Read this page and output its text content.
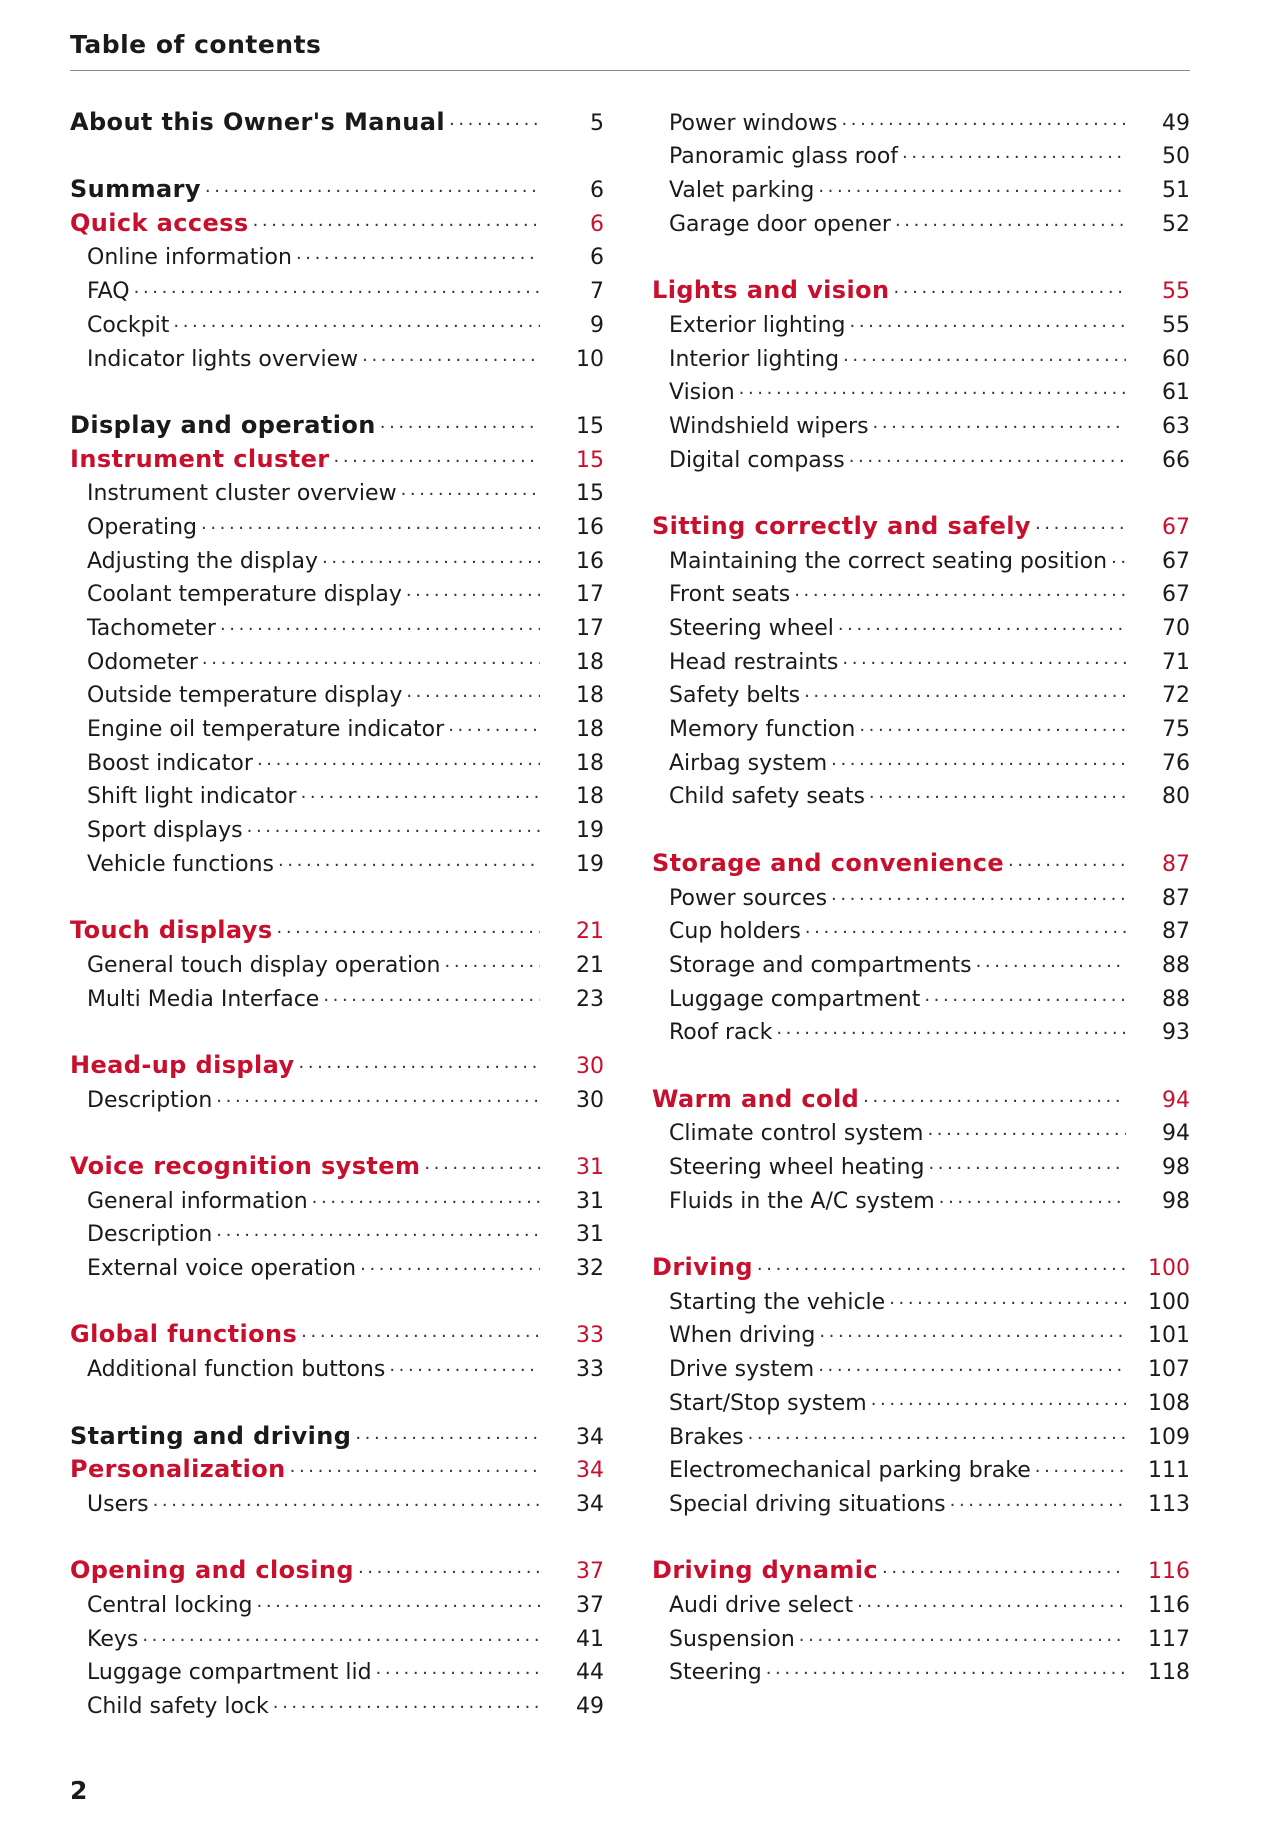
Table of contents
About this Owner's Manual .....	5
Summary .....	6
Quick access .....	6
Online information .....	6
FAQ .....	7
Cockpit .....	9
Indicator lights overview .....	10
Display and operation .....	15
Instrument cluster .....	15
Instrument cluster overview .....	15
Operating .....	16
Adjusting the display .....	16
Coolant temperature display .....	17
Tachometer .....	17
Odometer .....	18
Outside temperature display .....	18
Engine oil temperature indicator .....	18
Boost indicator .....	18
Shift light indicator .....	18
Sport displays .....	19
Vehicle functions .....	19
Touch displays .....	21
General touch display operation .....	21
Multi Media Interface .....	23
Head-up display .....	30
Description .....	30
Voice recognition system .....	31
General information .....	31
Description .....	31
External voice operation .....	32
Global functions .....	33
Additional function buttons .....	33
Starting and driving .....	34
Personalization .....	34
Users .....	34
Opening and closing .....	37
Central locking .....	37
Keys .....	41
Luggage compartment lid .....	44
Child safety lock .....	49
Power windows .....	49
Panoramic glass roof .....	50
Valet parking .....	51
Garage door opener .....	52
Lights and vision .....	55
Exterior lighting .....	55
Interior lighting .....	60
Vision .....	61
Windshield wipers .....	63
Digital compass .....	66
Sitting correctly and safely .....	67
Maintaining the correct seating position .....	67
Front seats .....	67
Steering wheel .....	70
Head restraints .....	71
Safety belts .....	72
Memory function .....	75
Airbag system .....	76
Child safety seats .....	80
Storage and convenience .....	87
Power sources .....	87
Cup holders .....	87
Storage and compartments .....	88
Luggage compartment .....	88
Roof rack .....	93
Warm and cold .....	94
Climate control system .....	94
Steering wheel heating .....	98
Fluids in the A/C system .....	98
Driving .....	100
Starting the vehicle .....	100
When driving .....	101
Drive system .....	107
Start/Stop system .....	108
Brakes .....	109
Electromechanical parking brake .....	111
Special driving situations .....	113
Driving dynamic .....	116
Audi drive select .....	116
Suspension .....	117
Steering .....	118
2
